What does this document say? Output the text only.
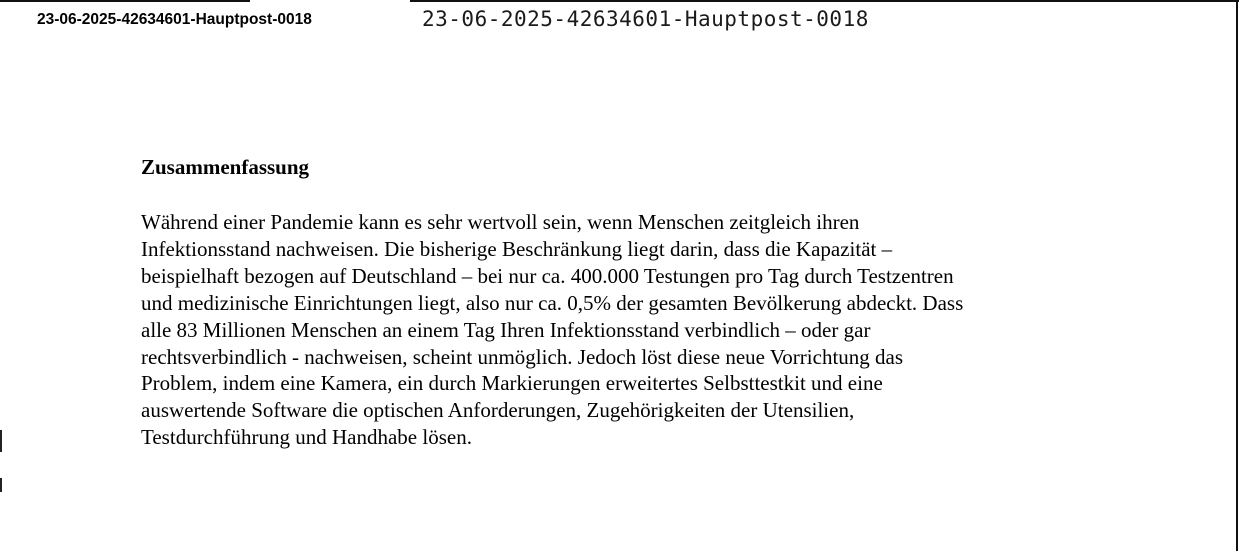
23-06-2025-42634601-Hauptpost-0018	23-06-2025-42634601-Hauptpost-0018
Zusammenfassung
Während einer Pandemie kann es sehr wertvoll sein, wenn Menschen zeitgleich ihren
Infektionsstand nachweisen. Die bisherige Beschränkung liegt darin, dass die Kapazität –
beispielhaft bezogen auf Deutschland – bei nur ca. 400.000 Testungen pro Tag durch Testzentren
und medizinische Einrichtungen liegt, also nur ca. 0,5% der gesamten Bevölkerung abdeckt. Dass
alle 83 Millionen Menschen an einem Tag Ihren Infektionsstand verbindlich – oder gar
rechtsverbindlich - nachweisen, scheint unmöglich. Jedoch löst diese neue Vorrichtung das
Problem, indem eine Kamera, ein durch Markierungen erweitertes Selbsttestkit und eine
auswertende Software die optischen Anforderungen, Zugehörigkeiten der Utensilien,
Testdurchführung und Handhabe lösen.
